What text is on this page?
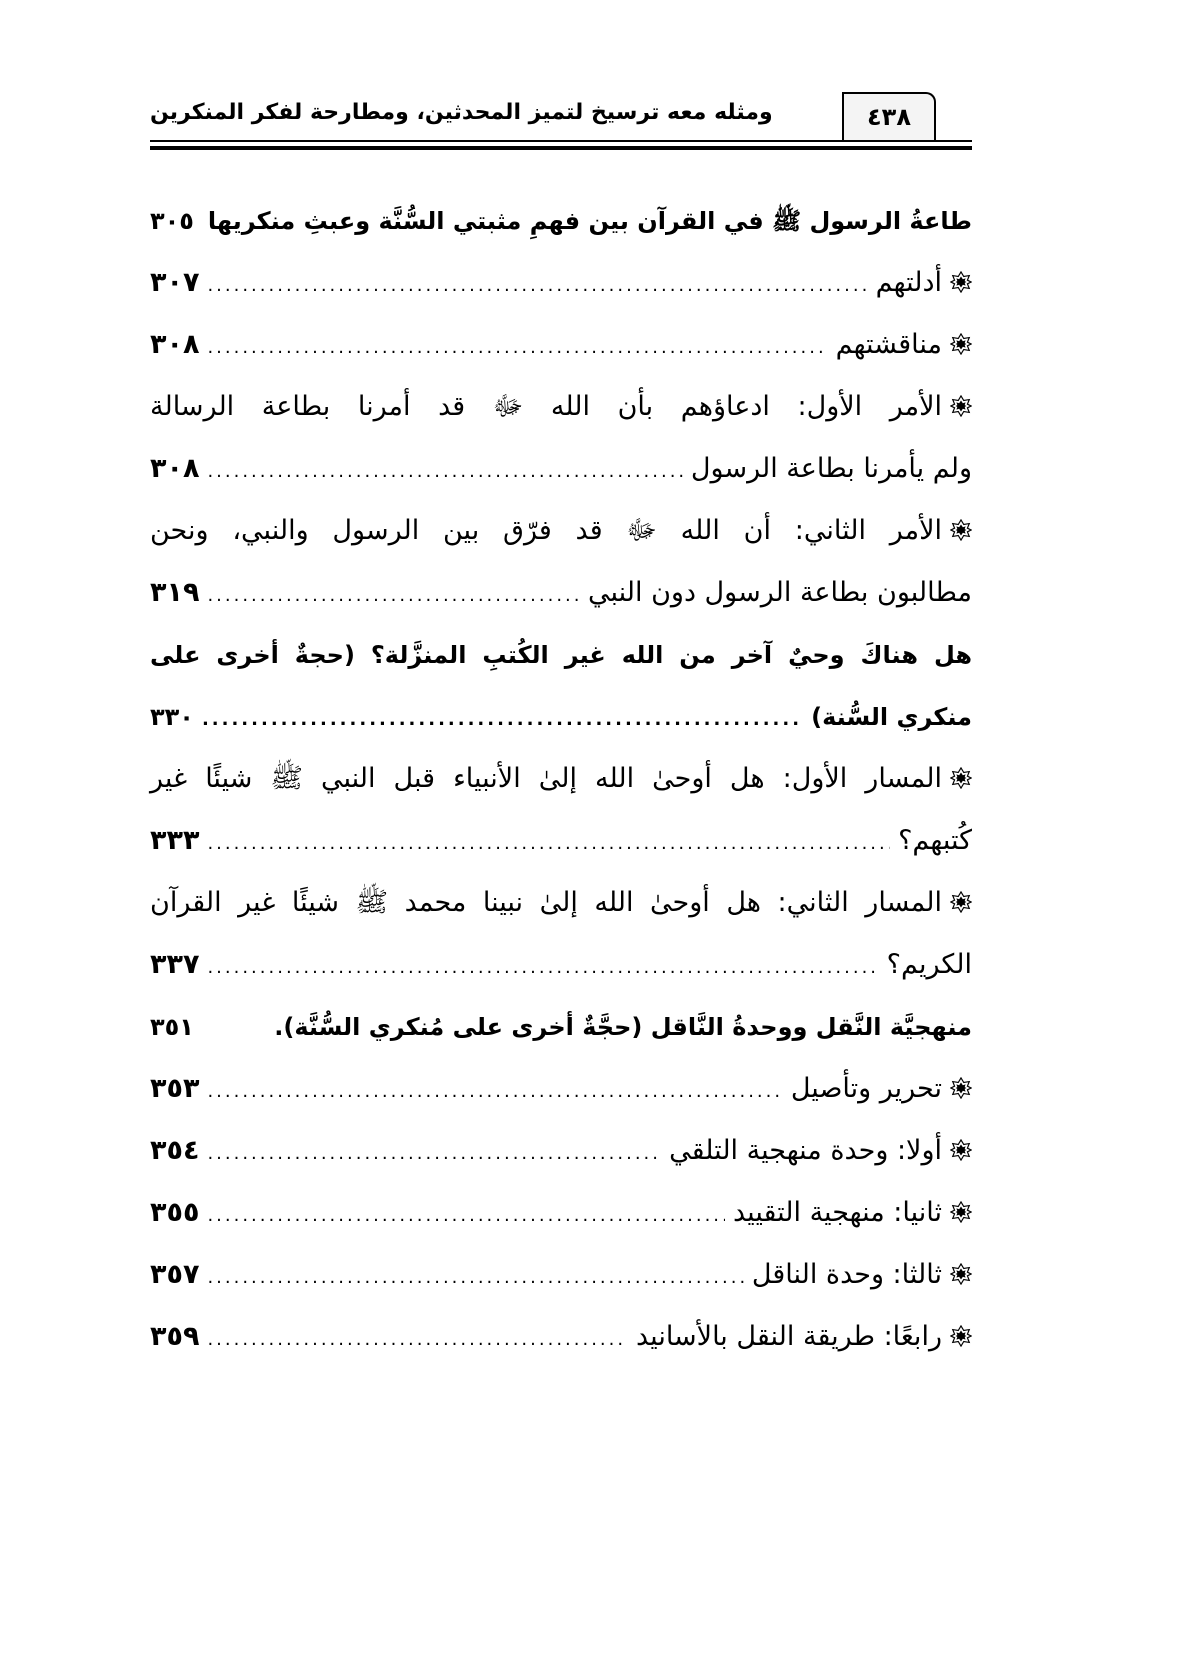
٤٣٨
ومثله معه ترسيخ لتميز المحدثين، ومطارحة لفكر المنكرين
طاعةُ الرسول ﷺ في القرآن بين فهمِ مثبتي السُّنَّة وعبثِ منكريها
٣٠٥
أدلتهم
.....
٣٠٧
مناقشتهم
.....
٣٠٨
الأمر الأول: ادعاؤهم بأن الله ﷻ قد أمرنا بطاعة الرسالة
ولم يأمرنا بطاعة الرسول
.....
٣٠٨
الأمر الثاني: أن الله ﷻ قد فرّق بين الرسول والنبي، ونحن
مطالبون بطاعة الرسول دون النبي
.....
٣١٩
هل هناكَ وحيٌ آخر من الله غير الكُتبِ المنزَّلة؟ (حجةٌ أخرى على
منكري السُّنة)
.....
٣٣٠
المسار الأول: هل أوحىٰ الله إلىٰ الأنبياء قبل النبي ﷺ شيئًا غير
كُتبهم؟
.....
٣٣٣
المسار الثاني: هل أوحىٰ الله إلىٰ نبينا محمد ﷺ شيئًا غير القرآن
الكريم؟
.....
٣٣٧
منهجيَّة النَّقل ووحدةُ النَّاقل (حجَّةٌ أخرى على مُنكري السُّنَّة).
٣٥١
تحرير وتأصيل
.....
٣٥٣
أولا: وحدة منهجية التلقي
.....
٣٥٤
ثانيا: منهجية التقييد
.....
٣٥٥
ثالثا: وحدة الناقل
.....
٣٥٧
رابعًا: طريقة النقل بالأسانيد
.....
٣٥٩
